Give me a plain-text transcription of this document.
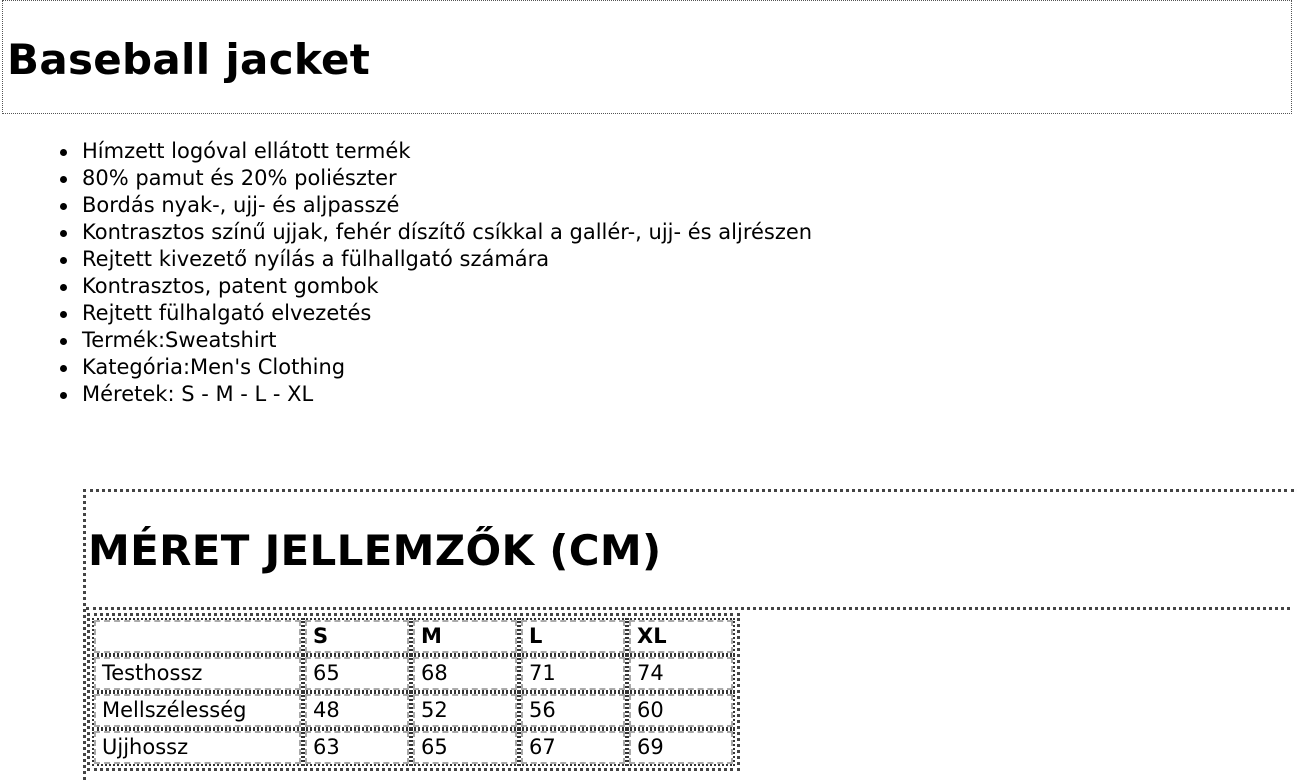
Baseball jacket
Hímzett logóval ellátott termék
80% pamut és 20% poliészter
Bordás nyak-, ujj- és aljpasszé
Kontrasztos színű ujjak, fehér díszítő csíkkal a gallér-, ujj- és aljrészen
Rejtett kivezető nyílás a fülhallgató számára
Kontrasztos, patent gombok
Rejtett fülhalgató elvezetés
Termék:Sweatshirt
Kategória:Men's Clothing
Méretek: S - M - L - XL
MÉRET JELLEMZŐK (CM)
	S	M	L	XL
Testhossz	65	68	71	74
Mellszélesség	48	52	56	60
Ujjhossz	63	65	67	69
